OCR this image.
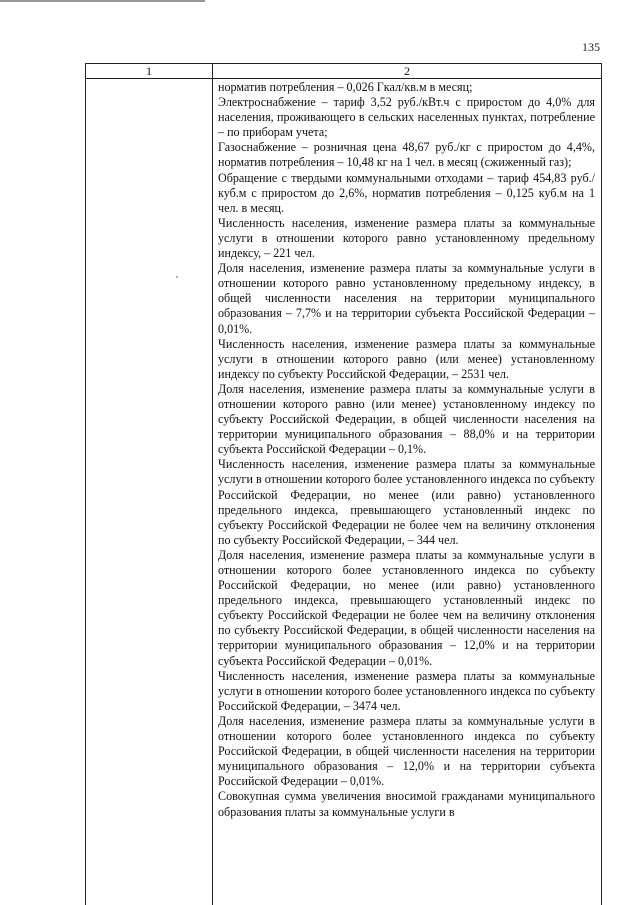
135
1	2

норматив потребления – 0,026 Гкал/кв.м в месяц;

Электроснабжение – тариф 3,52 руб./кВт.ч с приростом до 4,0% для населения, проживающего в сельских населенных пунктах, потребление – по приборам учета;

Газоснабжение – розничная цена 48,67 руб./кг с приростом до 4,4%, норматив потребления – 10,48 кг на 1 чел. в месяц (сжиженный газ);

Обращение с твердыми коммунальными отходами – тариф 454,83 руб./куб.м с приростом до 2,6%, норматив потребления – 0,125 куб.м на 1 чел. в месяц.

Численность населения, изменение размера платы за коммунальные услуги в отношении которого равно установленному предельному индексу, – 221 чел.

Доля населения, изменение размера платы за коммунальные услуги в отношении которого равно установленному предельному индексу, в общей численности населения на территории муниципального образования – 7,7% и на территории субъекта Российской Федерации – 0,01%.

Численность населения, изменение размера платы за коммунальные услуги в отношении которого равно (или менее) установленному индексу по субъекту Российской Федерации, – 2531 чел.

Доля населения, изменение размера платы за коммунальные услуги в отношении которого равно (или менее) установленному индексу по субъекту Российской Федерации, в общей численности населения на территории муниципального образования – 88,0% и на территории субъекта Российской Федерации – 0,1%.

Численность населения, изменение размера платы за коммунальные услуги в отношении которого более установленного индекса по субъекту Российской Федерации, но менее (или равно) установленного предельного индекса, превышающего установленный индекс по субъекту Российской Федерации не более чем на величину отклонения по субъекту Российской Федерации, – 344 чел.

Доля населения, изменение размера платы за коммунальные услуги в отношении которого более установленного индекса по субъекту Российской Федерации, но менее (или равно) установленного предельного индекса, превышающего установленный индекс по субъекту Российской Федерации не более чем на величину отклонения по субъекту Российской Федерации, в общей численности населения на территории муниципального образования – 12,0% и на территории субъекта Российской Федерации – 0,01%.

Численность населения, изменение размера платы за коммунальные услуги в отношении которого более установленного индекса по субъекту Российской Федерации, – 3474 чел.

Доля населения, изменение размера платы за коммунальные услуги в отношении которого более установленного индекса по субъекту Российской Федерации, в общей численности населения на территории муниципального образования – 12,0% и на территории субъекта Российской Федерации – 0,01%.

Совокупная сумма увеличения вносимой гражданами муниципального образования платы за коммунальные услуги в
